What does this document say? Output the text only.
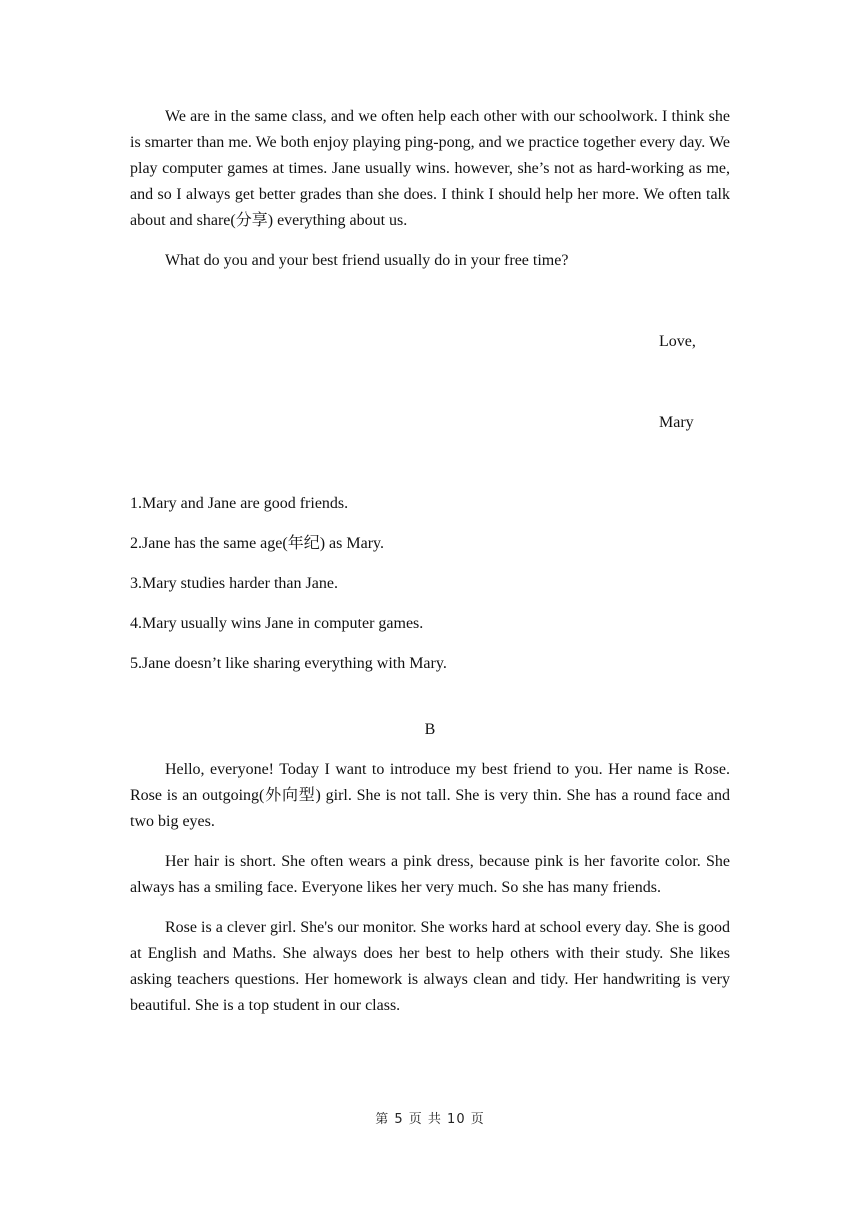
We are in the same class, and we often help each other with our schoolwork. I think she is smarter than me. We both enjoy playing ping-pong, and we practice together every day. We play computer games at times. Jane usually wins. however, she’s not as hard-working as me, and so I always get better grades than she does. I think I should help her more. We often talk about and share(分享) everything about us.

What do you and your best friend usually do in your free time?

Love,

Mary

1.Mary and Jane are good friends.

2.Jane has the same age(年纪) as Mary.

3.Mary studies harder than Jane.

4.Mary usually wins Jane in computer games.

5.Jane doesn’t like sharing everything with Mary.

B

Hello, everyone! Today I want to introduce my best friend to you. Her name is Rose. Rose is an outgoing(外向型) girl. She is not tall. She is very thin. She has a round face and two big eyes.

Her hair is short. She often wears a pink dress, because pink is her favorite color. She always has a smiling face. Everyone likes her very much. So she has many friends.

Rose is a clever girl. She's our monitor. She works hard at school every day. She is good at English and Maths. She always does her best to help others with their study. She likes asking teachers questions. Her homework is always clean and tidy. Her handwriting is very beautiful. She is a top student in our class.

第 5 页 共 10 页
